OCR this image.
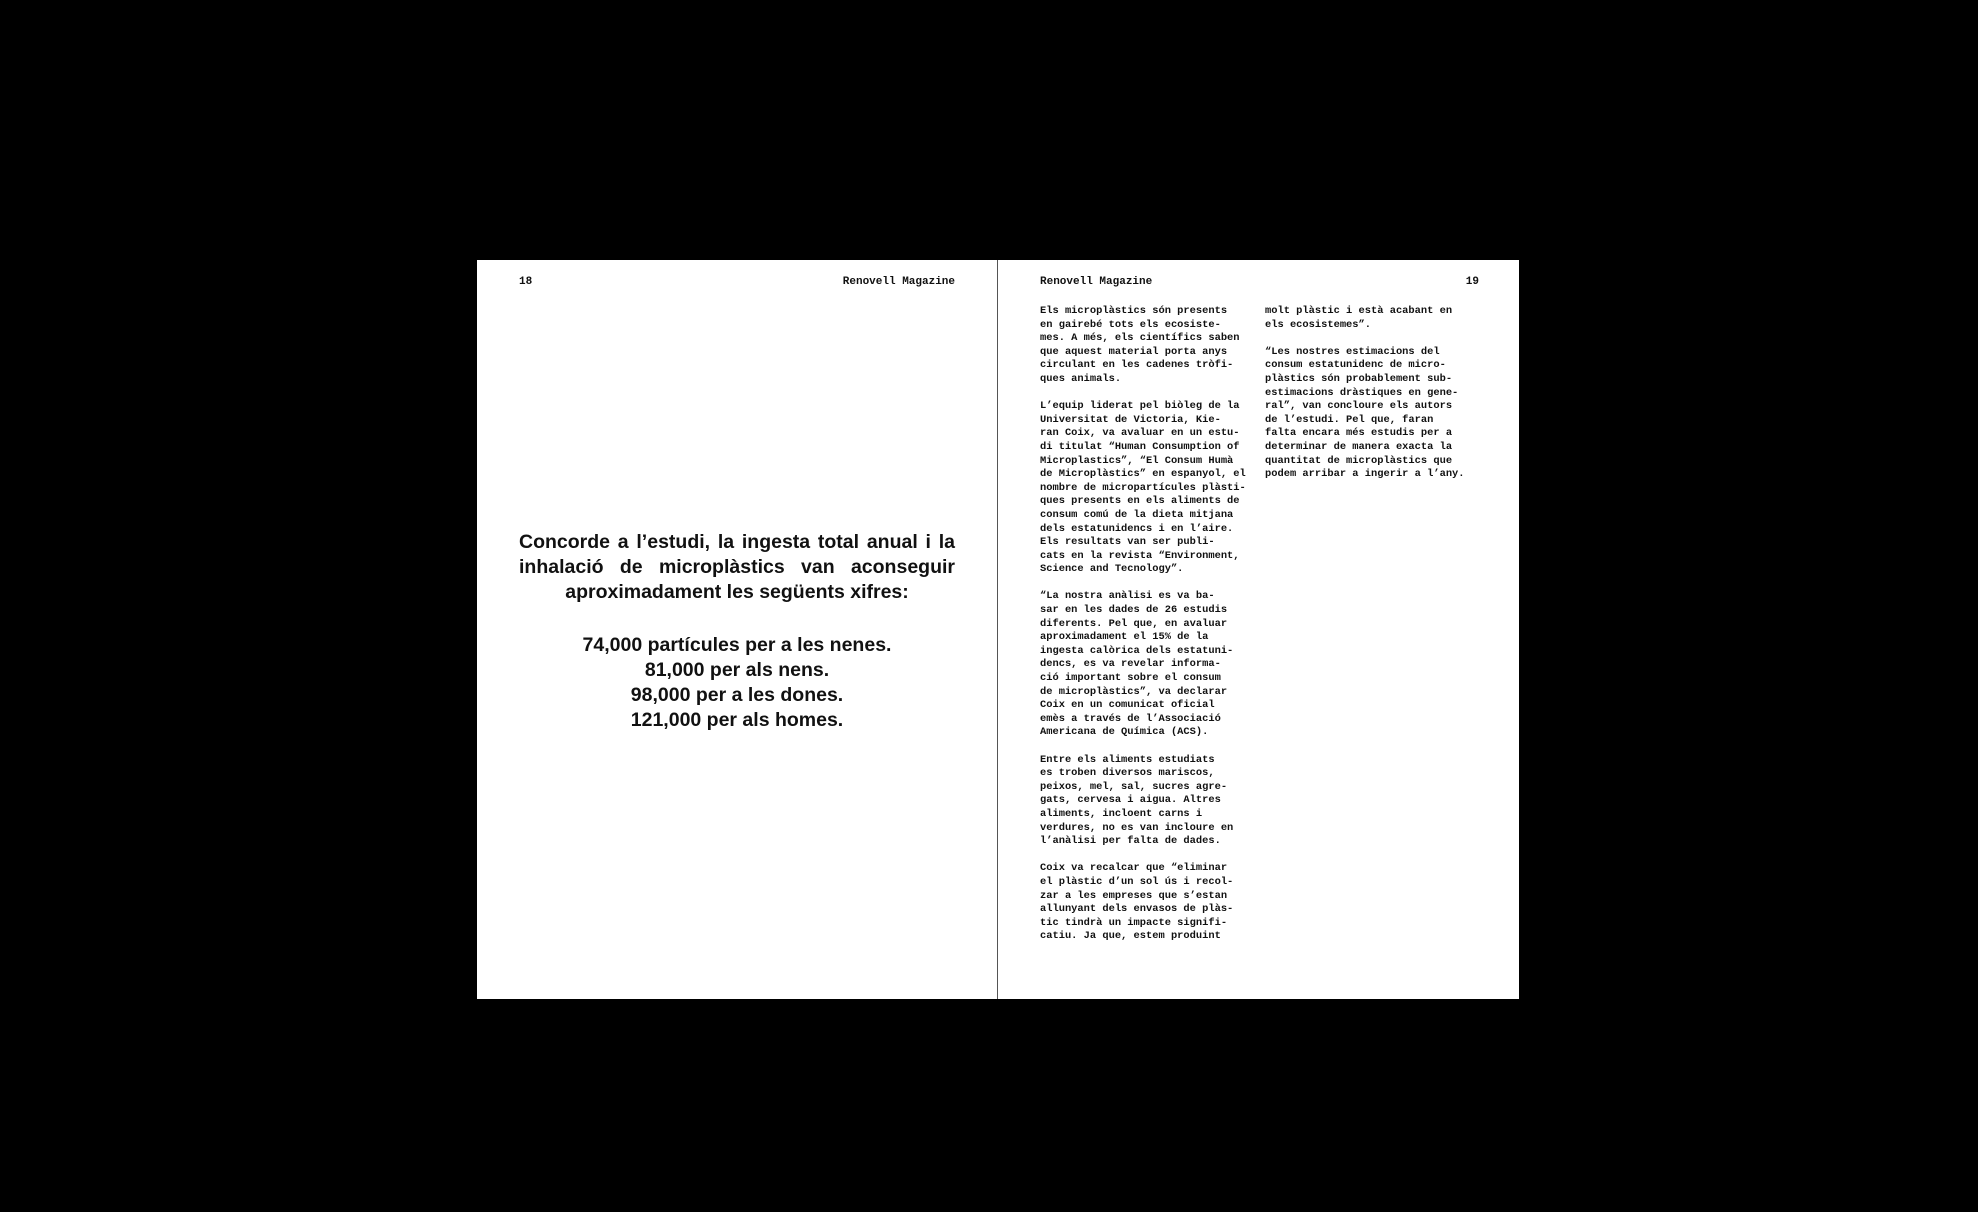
18	Renovell Magazine

Concorde a l’estudi, la ingesta total anual i la inhalació de microplàstics van aconseguir aproximadament les següents xifres:

74,000 partícules per a les nenes.
81,000 per als nens.
98,000 per a les dones.
121,000 per als homes.
Renovell Magazine	19

Els microplàstics són presents
en gairebé tots els ecosiste-
mes. A més, els científics saben
que aquest material porta anys
circulant en les cadenes tròfi-
ques animals.

L’equip liderat pel biòleg de la
Universitat de Victoria, Kie-
ran Coix, va avaluar en un estu-
di titulat “Human Consumption of
Microplastics”, “El Consum Humà
de Microplàstics” en espanyol, el
nombre de micropartícules plàsti-
ques presents en els aliments de
consum comú de la dieta mitjana
dels estatunidencs i en l’aire.
Els resultats van ser publi-
cats en la revista “Environment,
Science and Tecnology”.

“La nostra anàlisi es va ba-
sar en les dades de 26 estudis
diferents. Pel que, en avaluar
aproximadament el 15% de la
ingesta calòrica dels estatuni-
dencs, es va revelar informa-
ció important sobre el consum
de microplàstics”, va declarar
Coix en un comunicat oficial
emès a través de l’Associació
Americana de Química (ACS).

Entre els aliments estudiats
es troben diversos mariscos,
peixos, mel, sal, sucres agre-
gats, cervesa i aigua. Altres
aliments, incloent carns i
verdures, no es van incloure en
l’anàlisi per falta de dades.

Coix va recalcar que “eliminar
el plàstic d’un sol ús i recol-
zar a les empreses que s’estan
allunyant dels envasos de plàs-
tic tindrà un impacte signifi-
catiu. Ja que, estem produint

molt plàstic i està acabant en
els ecosistemes”.

“Les nostres estimacions del
consum estatunidenc de micro-
plàstics són probablement sub-
estimacions dràstiques en gene-
ral”, van concloure els autors
de l’estudi. Pel que, faran
falta encara més estudis per a
determinar de manera exacta la
quantitat de microplàstics que
podem arribar a ingerir a l’any.
